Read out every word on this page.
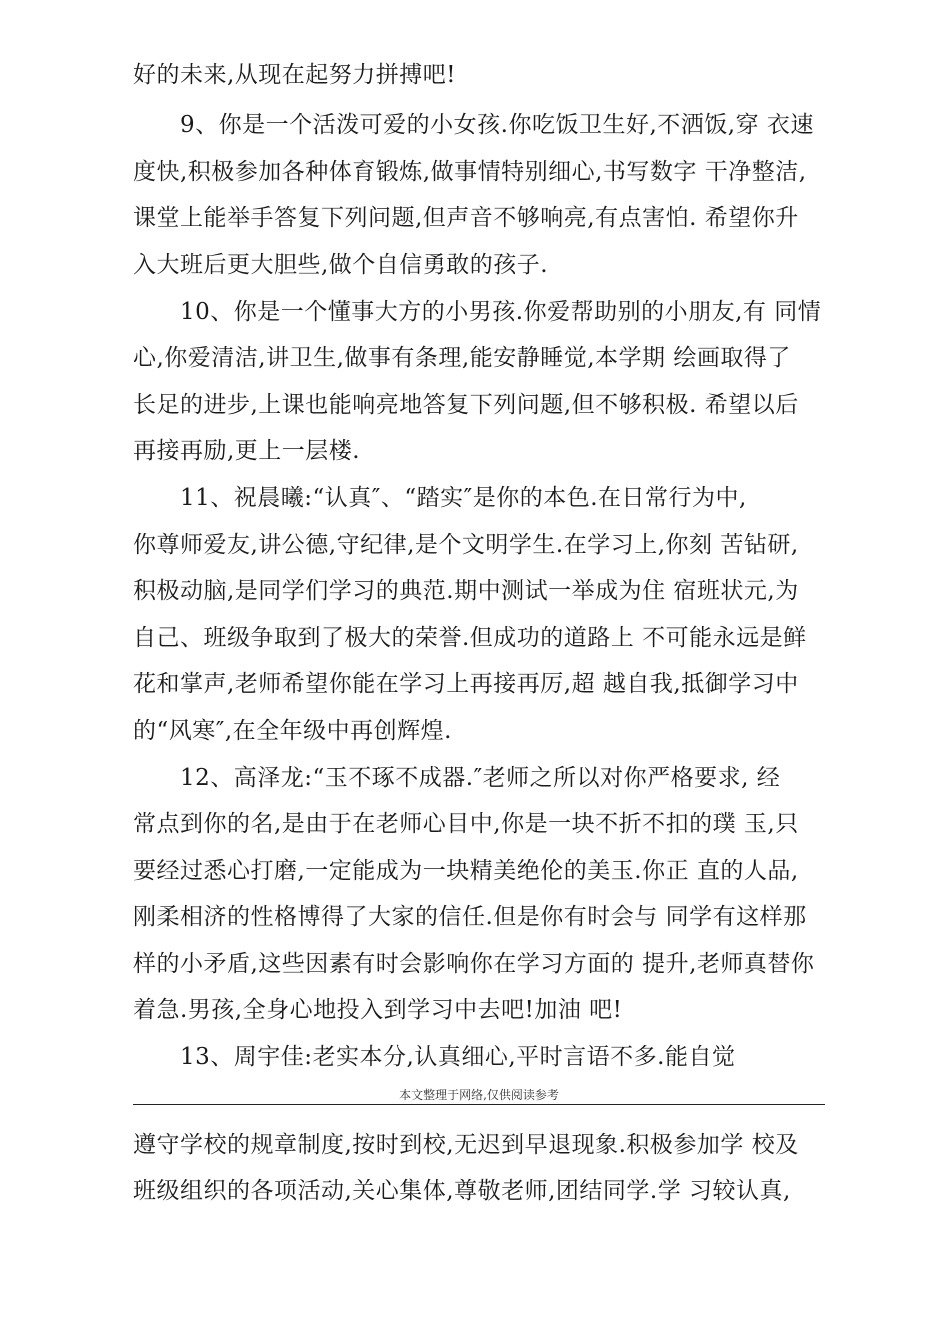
好的未来,从现在起努力拼搏吧!
9、你是一个活泼可爱的小女孩.你吃饭卫生好,不洒饭,穿 衣速
度快,积极参加各种体育锻炼,做事情特别细心,书写数字 干净整洁,
课堂上能举手答复下列问题,但声音不够响亮,有点害怕. 希望你升
入大班后更大胆些,做个自信勇敢的孩子.
10、你是一个懂事大方的小男孩.你爱帮助别的小朋友,有 同情
心,你爱清洁,讲卫生,做事有条理,能安静睡觉,本学期 绘画取得了
长足的进步,上课也能响亮地答复下列问题,但不够积极. 希望以后
再接再励,更上一层楼.
11、祝晨曦:“认真″、“踏实″是你的本色.在日常行为中,
你尊师爱友,讲公德,守纪律,是个文明学生.在学习上,你刻 苦钻研,
积极动脑,是同学们学习的典范.期中测试一举成为住 宿班状元,为
自己、班级争取到了极大的荣誉.但成功的道路上 不可能永远是鲜
花和掌声,老师希望你能在学习上再接再厉,超 越自我,抵御学习中
的“风寒″,在全年级中再创辉煌.
12、高泽龙:“玉不琢不成器.″老师之所以对你严格要求, 经
常点到你的名,是由于在老师心目中,你是一块不折不扣的璞 玉,只
要经过悉心打磨,一定能成为一块精美绝伦的美玉.你正 直的人品,
刚柔相济的性格博得了大家的信任.但是你有时会与 同学有这样那
样的小矛盾,这些因素有时会影响你在学习方面的 提升,老师真替你
着急.男孩,全身心地投入到学习中去吧!加油 吧!
13、周宇佳:老实本分,认真细心,平时言语不多.能自觉
本文整理于网络,仅供阅读参考
遵守学校的规章制度,按时到校,无迟到早退现象.积极参加学 校及
班级组织的各项活动,关心集体,尊敬老师,团结同学.学 习较认真,
